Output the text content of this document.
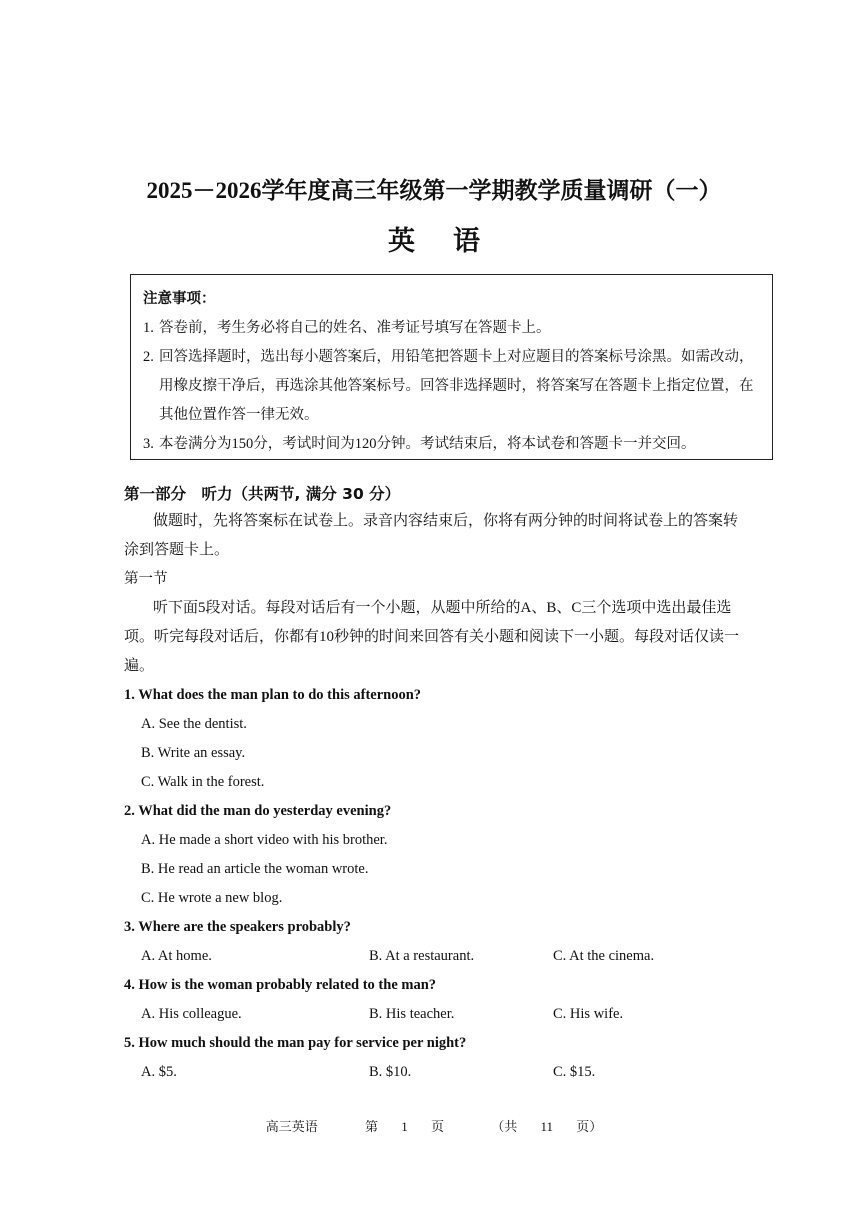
2025－2026学年度高三年级第一学期教学质量调研（一）
英语
注意事项：
1. 答卷前，考生务必将自己的姓名、准考证号填写在答题卡上。
2. 回答选择题时，选出每小题答案后，用铅笔把答题卡上对应题目的答案标号涂黑。如需改动，用橡皮擦干净后，再选涂其他答案标号。回答非选择题时，将答案写在答题卡上指定位置，在其他位置作答一律无效。
3. 本卷满分为150分，考试时间为120分钟。考试结束后，将本试卷和答题卡一并交回。
第一部分　听力（共两节, 满分 30 分）
做题时，先将答案标在试卷上。录音内容结束后，你将有两分钟的时间将试卷上的答案转涂到答题卡上。
第一节
听下面5段对话。每段对话后有一个小题，从题中所给的A、B、C三个选项中选出最佳选项。听完每段对话后，你都有10秒钟的时间来回答有关小题和阅读下一小题。每段对话仅读一遍。
1. What does the man plan to do this afternoon?
A. See the dentist.
B. Write an essay.
C. Walk in the forest.
2. What did the man do yesterday evening?
A. He made a short video with his brother.
B. He read an article the woman wrote.
C. He wrote a new blog.
3. Where are the speakers probably?
A. At home.	B. At a restaurant.	C. At the cinema.
4. How is the woman probably related to the man?
A. His colleague.	B. His teacher.	C. His wife.
5. How much should the man pay for service per night?
A. $5.	B. $10.	C. $15.
高三英语	第 1 页	（共 11 页）
